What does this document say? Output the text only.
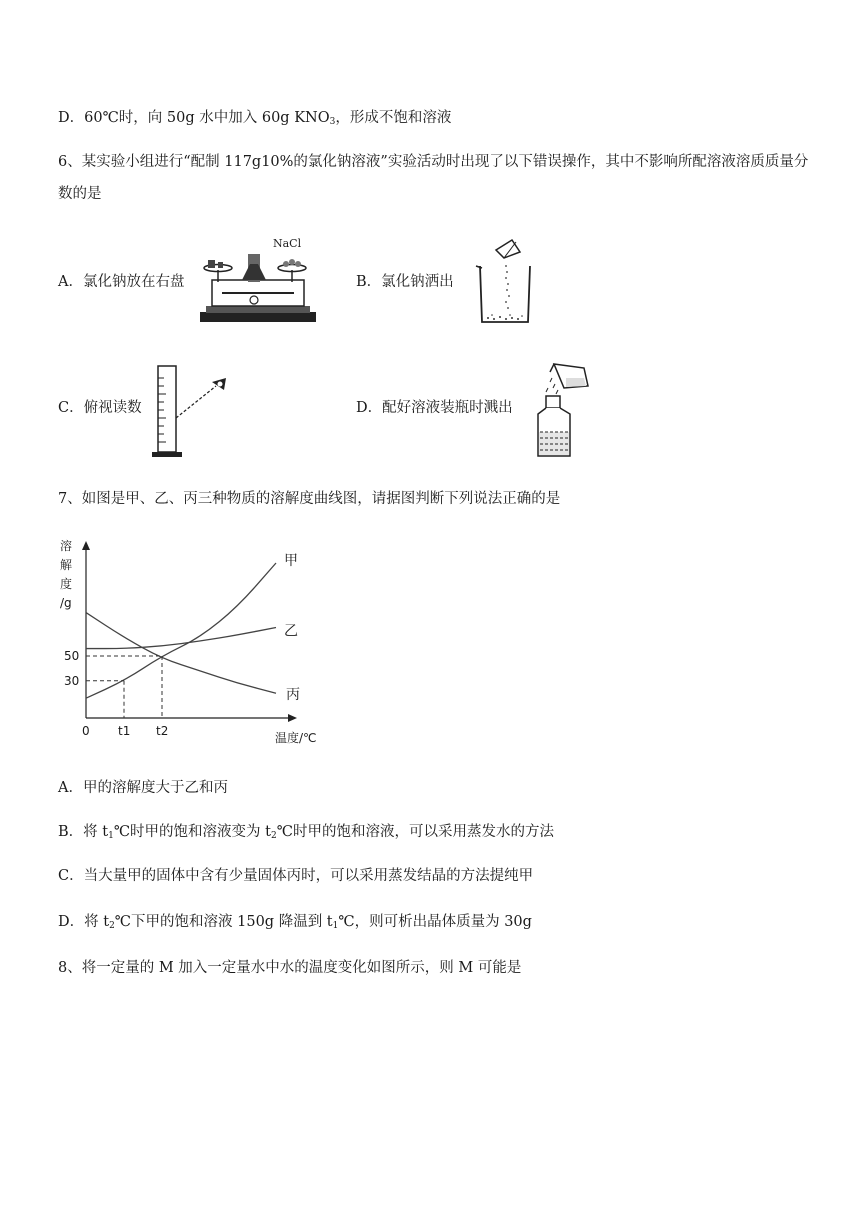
D．60℃时，向 50g 水中加入 60g $KNO_3$，形成不饱和溶液
6、某实验小组进行“配制 117g10%的氯化钠溶液”实验活动时出现了以下错误操作，其中不影响所配溶液溶质质量分数的是
A．氯化钠放在右盘
NaCl
B．氯化钠洒出
C．俯视读数	D．配好溶液装瓶时溅出
7、如图是甲、乙、丙三种物质的溶解度曲线图，请据图判断下列说法正确的是
溶
解
度
/g
温度/℃
甲
乙
丙
0 t1 t2
30
50
A．甲的溶解度大于乙和丙
B．将 $t_1℃$时甲的饱和溶液变为 $t_2℃$时甲的饱和溶液，可以采用蒸发水的方法
C．当大量甲的固体中含有少量固体丙时，可以采用蒸发结晶的方法提纯甲
D．将 $t_2℃$下甲的饱和溶液 150g 降温到 $t_1℃$，则可析出晶体质量为 30g
8、将一定量的 M 加入一定量水中水的温度变化如图所示，则 M 可能是
